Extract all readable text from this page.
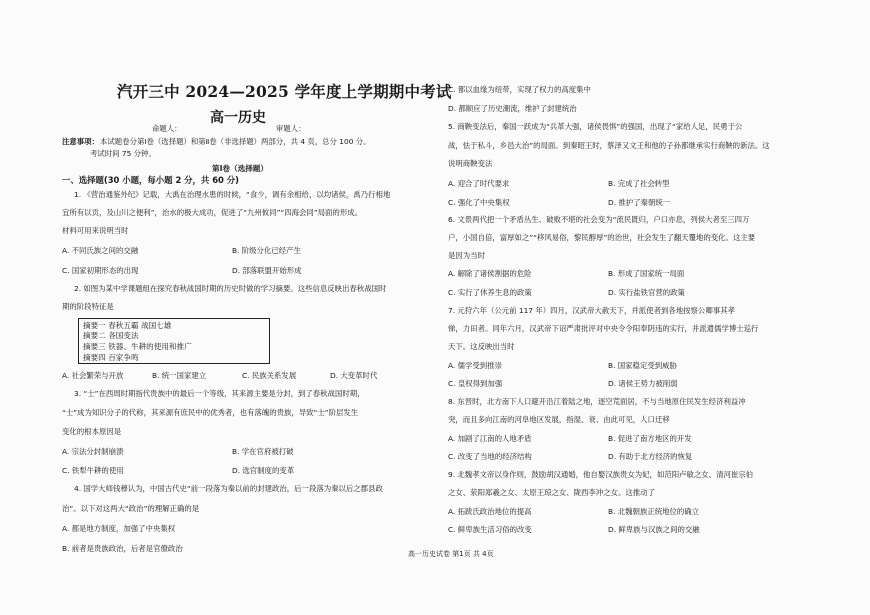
汽开三中 2024—2025 学年度上学期期中考试
高一历史
命题人：	审题人：
注意事项： 本试题卷分第Ⅰ卷（选择题）和第Ⅱ卷（非选择题）两部分，共 4 页，总分 100 分。
考试时间 75 分钟。
第Ⅰ卷（选择题）
一、选择题(30 小题，每小题 2 分，共 60 分)
1. 《营治通鉴外纪》记载，大禹在治理水患的时候，“食少，调有余相给，以均诸侯，禹乃行相地
宜所有以贡，及山川之便利”，治水的极大成功，促进了“九州攸同”“四海会同”局面的形成。
材料可用来说明当时
A. 不同氏族之间的交融	B. 阶级分化已经产生
C. 国家初期形态的出现	D. 部落联盟开始形成
2. 如图为某中学课题组在探究春秋战国时期的历史时做的学习摘要。这些信息反映出春秋战国时
期的阶段特征是
摘要一 春秋五霸 战国七雄
摘要二 各国变法
摘要三 铁器、牛耕的使用和推广
摘要四 百家争鸣
A. 社会繁荣与开放	B. 统一国家建立	C. 民族关系发展	D. 大变革时代
3. “士”在西周时期指代贵族中的最后一个等级，其来源主要是分封，到了春秋战国时期，
“士”成为知识分子的代称，其来源有庶民中的优秀者，也有落魄的贵族，导致“士”阶层发生
变化的根本原因是
A. 宗法分封制崩溃	B. 学在官府被打破
C. 铁犁牛耕的使用	D. 选官制度的变革
4. 国学大师钱穆认为，中国古代史“前一段落为秦以前的封建政治，后一段落为秦以后之郡县政
治”。以下对这两大“政治”的理解正确的是
A. 都是地方制度，加强了中央集权
B. 前者是贵族政治，后者是官僚政治
C. 都以血缘为纽带，实现了权力的高度集中
D. 都顺应了历史潮流，维护了封建统治
5. 商鞅变法后，秦国一跃成为“兵革大强，诸侯畏惧”的强国，出现了“家给人足，民勇于公
战，怯于私斗，乡邑大治”的局面。到秦昭王时，蔡泽又文王和他的子孙都继承实行商鞅的新法。这
说明商鞅变法
A. 迎合了时代要求	B. 完成了社会转型
C. 强化了中央集权	D. 推护了秦朝统一
6. 文景两代把一个矛盾丛生、破败不堪的社会变为“流民既归，户口亦息，列侯大者至三四万
户，小国自倍，富厚如之”“移风易俗，黎民醇厚”的治世，社会发生了翻天覆地的变化。这主要
是因为当时
A. 解除了诸侯割据的危险	B. 形成了国家统一局面
C. 实行了休养生息的政策	D. 实行盐铁官营的政策
7. 元狩六年（公元前 117 年）四月，汉武帝大赦天下，并派使者到各地按察公卿事其孝
悌，力田者。同年六月，汉武帝下诏严肃批评对中央令令阳奉阴违的实行，并派遣儒学博士巡行
天下。这反映出当时
A. 儒学受到推崇	B. 国家稳定受到威胁
C. 皇权得到加强	D. 诸侯王势力被削弱
8. 东晋时，北方南下人口避开沿江着陆之地，逐空荒面居，不与当地原住民发生经济利益冲
突，而且多向江南的河阜地区发展，指湿、衰、由此可见，人口迁移
A. 加剧了江南的人地矛盾	B. 促进了南方地区的开发
C. 改变了当地的经济结构	D. 有助于北方经济的恢复
9. 北魏孝文帝以身作则，鼓励胡汉通婚，他自娶汉族贵女为妃，如范阳卢敏之女、清河崔宗伯
之女、荥阳郑羲之女、太原王琼之女、陇西李冲之女。这推动了
A. 拓跋氏政治地位的提高	B. 北魏朝族正统地位的确立
C. 鲜卑族生活习俗的改变	D. 鲜卑族与汉族之间的交融
高一历史试卷 第1页 共 4页
